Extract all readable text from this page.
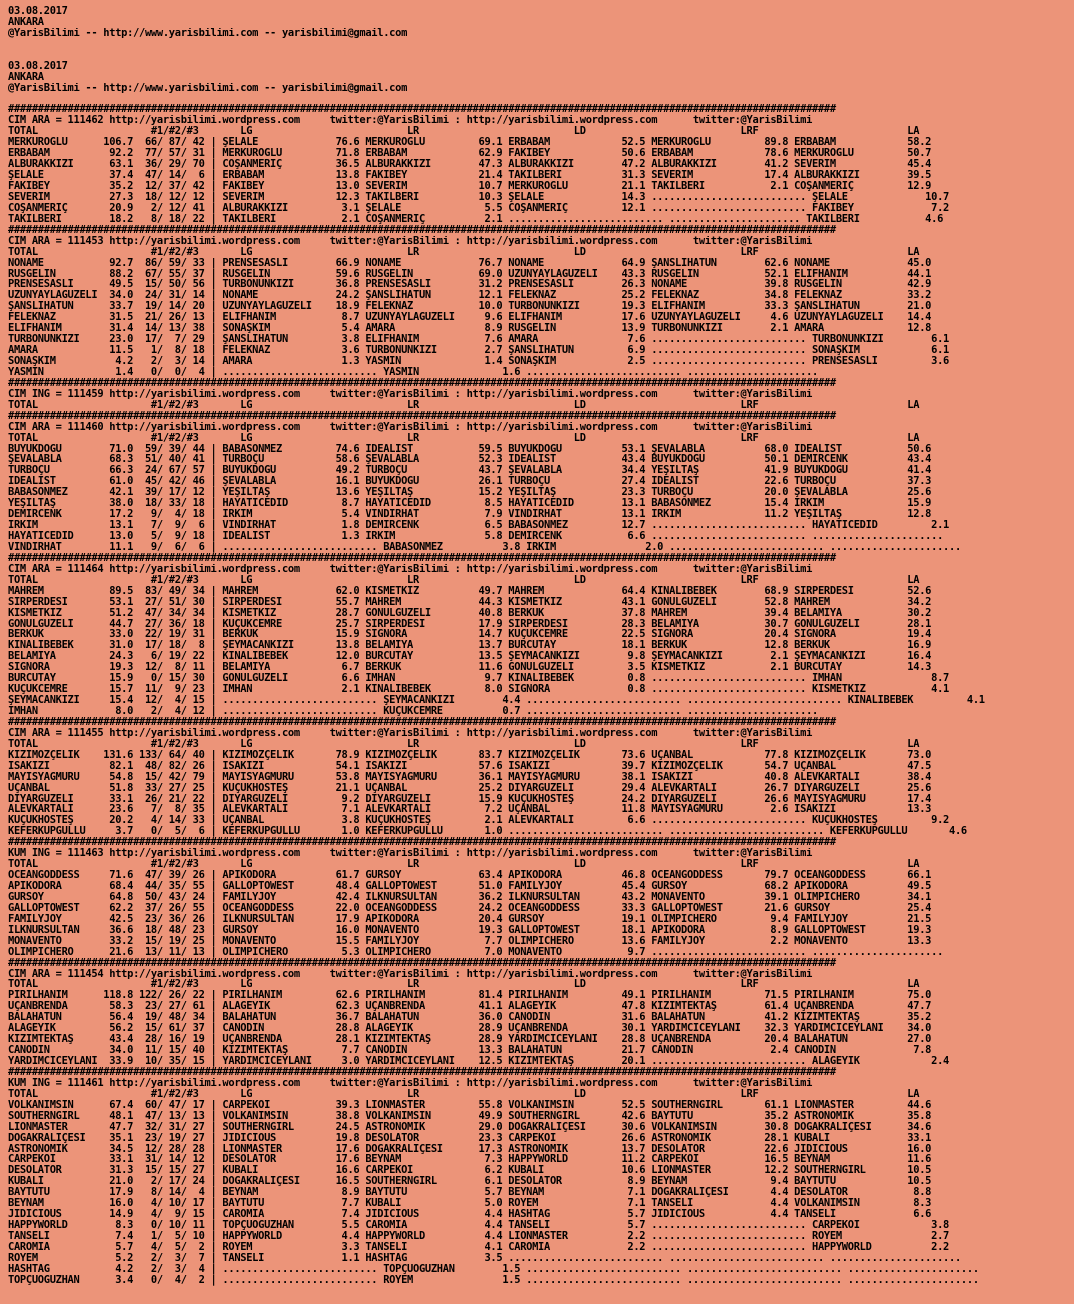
03.08.2017
ANKARA
@YarisBilimi -- http://www.yarisbilimi.com -- yarisbilimi@gmail.com
03.08.2017
ANKARA
@YarisBilimi -- http://www.yarisbilimi.com -- yarisbilimi@gmail.com
###########################################################################################################################################
CIM ARA = 111462 http://yarisbilimi.wordpress.com     twitter:@YarisBilimi : http://yarisbilimi.wordpress.com      twitter:@YarisBilimi
TOTAL                   #1/#2/#3       LG                          LR                          LD                          LRF                         LA
MERKÜROĞLU      106.7  66/ 87/ 42 | ŞELALE             76.6 MERKÜROĞLU         69.1 ERBABAM            52.5 MERKÜROĞLU         89.8 ERBABAM            58.2
ERBABAM          92.2  77/ 57/ 31 | MERKÜROĞLU         71.8 ERBABAM            62.9 FAKIBEY            50.6 ERBABAM            78.6 MERKÜROĞLU         50.7
ALBURAKKIZI      63.1  36/ 29/ 70 | COŞANMERİÇ         36.5 ALBURAKKIZI        47.3 ALBURAKKIZI        47.2 ALBURAKKIZI        41.2 SEVERİM            45.4
ŞELALE           37.4  47/ 14/  6 | ERBABAM            13.8 FAKIBEY            21.4 TAKILBERİ          31.3 SEVERİM            17.4 ALBURAKKIZI        39.5
FAKIBEY          35.2  12/ 37/ 42 | FAKIBEY            13.0 SEVERİM            10.7 MERKÜROĞLU         21.1 TAKILBERİ           2.1 COŞANMERİÇ         12.9
SEVERİM          27.3  18/ 12/ 12 | SEVERİM            12.3 TAKILBERİ          10.3 ŞELALE             14.3 .......................... ŞELALE             10.7
COŞANMERİÇ       20.9   2/ 12/ 41 | ALBURAKKIZI         3.1 ŞELALE              5.5 COŞANMERİÇ         12.1 .......................... FAKIBEY             7.2
TAKILBERİ        18.2   8/ 18/ 22 | TAKILBERİ           2.1 COŞANMERİÇ          2.1 .......................... ...................... TAKILBERİ           4.6
###########################################################################################################################################
CIM ARA = 111453 http://yarisbilimi.wordpress.com     twitter:@YarisBilimi : http://yarisbilimi.wordpress.com      twitter:@YarisBilimi
TOTAL                   #1/#2/#3       LG                          LR                          LD                          LRF                         LA
NONAME           92.7  86/ 59/ 33 | PRENSESASLI        66.9 NONAME             76.7 NONAME             64.9 ŞANSLIHATUN        62.6 NONAME             45.0
RUSGELİN         88.2  67/ 55/ 37 | RUSGELİN           59.6 RUSGELİN           69.0 UZUNYAYLAGÜZELİ    43.3 RUSGELİN           52.1 ELİFHANIM          44.1
PRENSESASLI      49.5  15/ 50/ 56 | TURBONUNKIZI       36.8 PRENSESASLI        31.2 PRENSESASLI        26.3 NONAME             39.8 RUSGELİN           42.9
UZUNYAYLAGÜZELİ  34.0  24/ 31/ 14 | NONAME             24.2 ŞANSLIHATUN        12.1 FELEKNAZ           25.2 FELEKNAZ           34.8 FELEKNAZ           33.2
ŞANSLIHATUN      33.7  19/ 14/ 20 | UZUNYAYLAGÜZELİ    18.9 FELEKNAZ           10.0 TURBONUNKIZI       19.3 ELİFHANIM          33.3 ŞANSLIHATUN        21.0
FELEKNAZ         31.5  21/ 26/ 13 | ELİFHANIM           8.7 UZUNYAYLAGÜZELİ     9.6 ELİFHANIM          17.6 UZUNYAYLAGÜZELİ     4.6 UZUNYAYLAGÜZELİ    14.4
ELİFHANIM        31.4  14/ 13/ 38 | SONAŞKIM            5.4 AMARA               8.9 RUSGELİN           13.9 TURBONUNKIZI        2.1 AMARA              12.8
TURBONUNKIZI     23.0  17/  7/ 29 | ŞANSLIHATUN         3.8 ELİFHANIM           7.6 AMARA               7.6 .......................... TURBONUNKIZI        6.1
AMARA            11.5   1/  8/ 18 | FELEKNAZ            3.6 TURBONUNKIZI        2.7 ŞANSLIHATUN         6.9 .......................... SONAŞKIM            6.1
SONAŞKIM          4.2   2/  3/ 14 | AMARA               1.3 YASMIN              1.4 SONAŞKIM            2.5 .......................... PRENSESASLI         3.6
YASMIN            1.4   0/  0/  4 | .......................... YASMIN              1.6 .......................... ......................
###########################################################################################################################################
CIM ING = 111459 http://yarisbilimi.wordpress.com     twitter:@YarisBilimi : http://yarisbilimi.wordpress.com      twitter:@YarisBilimi
TOTAL                   #1/#2/#3       LG                          LR                          LD                          LRF                         LA
###########################################################################################################################################
CIM ARA = 111460 http://yarisbilimi.wordpress.com     twitter:@YarisBilimi : http://yarisbilimi.wordpress.com      twitter:@YarisBilimi
TOTAL                   #1/#2/#3       LG                          LR                          LD                          LRF                         LA
BUYUKDOĞU        71.0  59/ 39/ 44 | BABASÖNMEZ         74.6 İDEALİST           59.5 BUYUKDOĞU          53.1 ŞEVALABLA          68.0 İDEALİST           50.6
ŞEVALABLA        68.3  51/ 40/ 41 | TURBOÇU            58.6 ŞEVALABLA          52.3 İDEALİST           43.4 BUYUKDOĞU          50.1 DEMİRCENK          43.4
TURBOÇU          66.3  24/ 67/ 57 | BUYUKDOĞU          49.2 TURBOÇU            43.7 ŞEVALABLA          34.4 YEŞİLTAŞ           41.9 BUYUKDOĞU          41.4
İDEALİST         61.0  45/ 42/ 46 | ŞEVALABLA          16.1 BUYUKDOĞU          26.1 TURBOÇU            27.4 İDEALİST           22.6 TURBOÇU            37.3
BABASÖNMEZ       42.1  39/ 17/ 12 | YEŞİLTAŞ           13.6 YEŞİLTAŞ           15.2 YEŞİLTAŞ           23.3 TURBOÇU            20.0 ŞEVALABLA          25.6
YEŞİLTAŞ         38.0  18/ 33/ 18 | HAYATICEDİD         8.7 HAYATICEDİD         8.5 HAYATICEDİD        13.1 BABASÖNMEZ         15.4 İRKIM              15.9
DEMİRCENK        17.2   9/  4/ 18 | IRKIM               5.4 VİNDİRHAT           7.9 VİNDİRHAT          13.1 IRKIM              11.2 YEŞİLTAŞ           12.8
IRKIM            13.1   7/  9/  6 | VİNDİRHAT           1.8 DEMİRCENK           6.5 BABASÖNMEZ         12.7 .......................... HAYATICEDİD         2.1
HAYATICEDİD      13.0   5/  9/ 18 | İDEALİST            1.3 IRKIM               5.8 DEMİRCENK           6.6 .......................... ......................
VİNDİRHAT        11.1   9/  6/  6 | .......................... BABASÖNMEZ          3.8 IRKIM               2.0 .......................... ......................
###########################################################################################################################################
CIM ARA = 111464 http://yarisbilimi.wordpress.com     twitter:@YarisBilimi : http://yarisbilimi.wordpress.com      twitter:@YarisBilimi
TOTAL                   #1/#2/#3       LG                          LR                          LD                          LRF                         LA
MAHREM           89.5  83/ 49/ 34 | MAHREM             62.0 KISMETKIZ          49.7 MAHREM             64.4 KINALIBEBEK        68.9 SIRPERDESİ         52.6
SIRPERDESİ       53.1  27/ 51/ 30 | SIRPERDESİ         55.7 MAHREM             44.3 KISMETKIZ          43.1 GÖNÜLGÜZELİ        52.8 MAHREM             34.2
KISMETKIZ        51.2  47/ 34/ 34 | KISMETKIZ          28.7 GÖNÜLGÜZELİ        40.8 BERKUK             37.8 MAHREM             39.4 BELAMIYA           30.2
GÖNÜLGÜZELİ      44.7  27/ 36/ 18 | KÜÇÜKCEMRE         25.7 SIRPERDESİ         17.9 SIRPERDESİ         28.3 BELAMIYA           30.7 GÖNÜLGÜZELİ        28.1
BERKUK           33.0  22/ 19/ 31 | BERKUK             15.9 SİGNORA            14.7 KÜÇÜKCEMRE         22.5 SİGNORA            20.4 SİGNORA            19.4
KINALIBEBEK      31.0  17/ 18/  8 | ŞEYMACANKIZI       13.8 BELAMIYA           13.7 BURCUTAY           18.1 BERKUK             12.8 BERKUK             16.9
BELAMIYA         24.3   6/ 19/ 22 | KINALIBEBEK        12.0 BURCUTAY           13.5 ŞEYMACANKIZI        9.8 ŞEYMACANKIZI        2.1 ŞEYMACANKIZI       16.4
SİGNORA          19.3  12/  8/ 11 | BELAMIYA            6.7 BERKUK             11.6 GÖNÜLGÜZELİ         3.5 KISMETKIZ           2.1 BURCUTAY           14.3
BURCUTAY         15.9   0/ 15/ 30 | GÖNÜLGÜZELİ         6.6 İMHAN               9.7 KINALIBEBEK         0.8 .......................... İMHAN               8.7
KÜÇÜKCEMRE       15.7  11/  9/ 23 | İMHAN               2.1 KINALIBEBEK         8.0 SİGNORA             0.8 .......................... KISMETKIZ           4.1
ŞEYMACANKIZI     15.4  12/  4/ 15 | .......................... ŞEYMACANKIZI        4.4 .......................... .......................... KINALIBEBEK         4.1
İMHAN             8.0   2/  4/ 12 | .......................... KÜÇÜKCEMRE          0.7 .......................... ......................
###########################################################################################################################################
CIM ARA = 111455 http://yarisbilimi.wordpress.com     twitter:@YarisBilimi : http://yarisbilimi.wordpress.com      twitter:@YarisBilimi
TOTAL                   #1/#2/#3       LG                          LR                          LD                          LRF                         LA
KIZIMÖZÇELİK    131.6 133/ 64/ 40 | KIZIMÖZÇELİK       78.9 KIZIMÖZÇELİK       83.7 KIZIMÖZÇELİK       73.6 UÇANBAL            77.8 KIZIMÖZÇELİK       73.0
İSAKIZI          82.1  48/ 82/ 26 | İSAKIZI            54.1 İSAKIZI            57.6 İSAKIZI            39.7 KIZIMÖZÇELİK       54.7 UÇANBAL            47.5
MAYISYAĞMURU     54.8  15/ 42/ 79 | MAYISYAĞMURU       53.8 MAYISYAĞMURU       36.1 MAYISYAĞMURU       38.1 İSAKIZI            40.8 ALEVKARTALI        38.4
UÇANBAL          51.8  33/ 27/ 25 | KÜÇÜKHOSTEŞ        21.1 UÇANBAL            25.2 DİYARGÜZELİ        29.4 ALEVKARTALI        26.7 DİYARGÜZELİ        25.6
DİYARGÜZELİ      33.1  26/ 21/ 22 | DİYARGÜZELİ         9.2 DİYARGÜZELİ        15.9 KÜÇÜKHOSTEŞ        24.2 DİYARGÜZELİ        26.6 MAYISYAĞMURU       17.4
ALEVKARTALI      23.6   7/  8/ 35 | ALEVKARTALI         7.1 ALEVKARTALI         7.2 UÇANBAL            11.8 MAYISYAĞMURU        2.6 İSAKIZI            13.3
KÜÇÜKHOSTEŞ      20.2   4/ 14/ 33 | UÇANBAL             3.8 KÜÇÜKHOSTEŞ         2.1 ALEVKARTALI         6.6 .......................... KÜÇÜKHOSTEŞ         9.2
KEFERKUPGÜLLÜ     3.7   0/  5/  6 | KEFERKUPGÜLLÜ       1.0 KEFERKUPGÜLLÜ       1.0 .......................... .......................... KEFERKUPGÜLLÜ       4.6
###########################################################################################################################################
KUM ING = 111463 http://yarisbilimi.wordpress.com     twitter:@YarisBilimi : http://yarisbilimi.wordpress.com      twitter:@YarisBilimi
TOTAL                   #1/#2/#3       LG                          LR                          LD                          LRF                         LA
OCEANGODDESS     71.6  47/ 39/ 26 | APIKODORA          61.7 GURSOY             63.4 APIKODORA          46.8 OCEANGODDESS       79.7 OCEANGODDESS       66.1
APIKODORA        68.4  44/ 35/ 55 | GALLOPTOWEST       48.4 GALLOPTOWEST       51.0 FAMILYJOY          45.4 GURSOY             68.2 APIKODORA          49.5
GURSOY           64.8  50/ 43/ 24 | FAMILYJOY          42.4 İLKNURSULTAN       36.2 İLKNURSULTAN       43.2 MONAVENTO          39.1 OLIMPICHERO        34.1
GALLOPTOWEST     62.2  37/ 26/ 55 | OCEANGODDESS       22.0 OCEANGODDESS       24.2 OCEANGODDESS       33.3 GALLOPTOWEST       21.6 GURSOY             25.4
FAMILYJOY        42.5  23/ 36/ 26 | İLKNURSULTAN       17.9 APIKODORA          20.4 GURSOY             19.1 OLIMPICHERO         9.4 FAMILYJOY          21.5
İLKNURSULTAN     36.6  18/ 48/ 23 | GURSOY             16.0 MONAVENTO          19.3 GALLOPTOWEST       18.1 APIKODORA           8.9 GALLOPTOWEST       19.3
MONAVENTO        33.2  15/ 19/ 25 | MONAVENTO          15.5 FAMILYJOY           7.7 OLIMPICHERO        13.6 FAMILYJOY           2.2 MONAVENTO          13.3
OLIMPICHERO      21.6  13/ 11/ 13 | OLIMPICHERO         5.3 OLIMPICHERO         7.0 MONAVENTO           9.7 .......................... ......................
###########################################################################################################################################
CIM ARA = 111454 http://yarisbilimi.wordpress.com     twitter:@YarisBilimi : http://yarisbilimi.wordpress.com      twitter:@YarisBilimi
TOTAL                   #1/#2/#3       LG                          LR                          LD                          LRF                         LA
PIRILHANIM      118.8 122/ 26/ 22 | PIRILHANIM         62.6 PIRILHANIM         81.4 PIRILHANIM         49.1 PIRILHANIM         71.5 PIRILHANIM         75.0
UÇANBRENDA       58.3  23/ 27/ 61 | ALAGEYİK           62.3 UÇANBRENDA         41.1 ALAGEYİK           47.8 KIZIMTEKTAŞ        61.4 UÇANBRENDA         47.7
BALAHATUN        56.4  19/ 48/ 34 | BALAHATUN          36.7 BALAHATUN          36.0 CANODİN            31.6 BALAHATUN          41.2 KIZIMTEKTAŞ        35.2
ALAGEYİK         56.2  15/ 61/ 37 | CANODİN            28.8 ALAGEYİK           28.9 UÇANBRENDA         30.1 YARDIMCICEYLANI    32.3 YARDIMCICEYLANI    34.0
KIZIMTEKTAŞ      43.4  28/ 16/ 19 | UÇANBRENDA         28.1 KIZIMTEKTAŞ        28.9 YARDIMCICEYLANI    28.8 UÇANBRENDA         20.4 BALAHATUN          27.0
CANODİN          34.0  11/ 15/ 40 | KIZIMTEKTAŞ         7.7 CANODİN            13.3 BALAHATUN          21.7 CANODİN             2.4 CANODİN             7.8
YARDIMCICEYLANI  33.9  10/ 35/ 15 | YARDIMCICEYLANI     3.0 YARDIMCICEYLANI    12.5 KIZIMTEKTAŞ        20.1 .......................... ALAGEYİK            2.4
###########################################################################################################################################
KUM ING = 111461 http://yarisbilimi.wordpress.com     twitter:@YarisBilimi : http://yarisbilimi.wordpress.com      twitter:@YarisBilimi
TOTAL                   #1/#2/#3       LG                          LR                          LD                          LRF                         LA
VOLKANIMSIN      67.4  60/ 47/ 17 | CARPEKOI           39.3 LIONMASTER         55.8 VOLKANIMSIN        52.5 SOUTHERNGIRL       61.1 LIONMASTER         44.6
SOUTHERNGIRL     48.1  47/ 13/ 13 | VOLKANIMSIN        38.8 VOLKANIMSIN        49.9 SOUTHERNGIRL       42.6 BAYTUTU            35.2 ASTRONOMİK         35.8
LIONMASTER       47.7  32/ 31/ 27 | SOUTHERNGIRL       24.5 ASTRONOMİK         29.0 DOĞAKRALİÇESİ      30.6 VOLKANIMSIN        30.8 DOĞAKRALİÇESİ      34.6
DOĞAKRALİÇESİ    35.1  23/ 19/ 27 | JIDICIOUS          19.8 DESOLATOR          23.3 CARPEKOI           26.6 ASTRONOMİK         28.1 KUBALI             33.1
ASTRONOMİK       34.5  12/ 28/ 28 | LIONMASTER         17.6 DOĞAKRALİÇESİ      17.3 ASTRONOMİK         13.7 DESOLATOR          22.6 JIDICIOUS          16.0
CARPEKOI         33.1  31/ 14/ 12 | DESOLATOR          17.6 BEYNAM              7.3 HAPPYWORLD         11.2 CARPEKOI           16.5 BEYNAM             11.6
DESOLATOR        31.3  15/ 15/ 27 | KUBALI             16.6 CARPEKOI            6.2 KUBALI             10.6 LIONMASTER         12.2 SOUTHERNGIRL       10.5
KUBALI           21.0   2/ 17/ 24 | DOĞAKRALİÇESİ      16.5 SOUTHERNGIRL        6.1 DESOLATOR           8.9 BEYNAM              9.4 BAYTUTU            10.5
BAYTUTU          17.9   8/ 14/  4 | BEYNAM              8.9 BAYTUTU             5.7 BEYNAM              7.1 DOĞAKRALİÇESİ       4.4 DESOLATOR           8.8
BEYNAM           16.0   4/ 10/ 17 | BAYTUTU             7.7 KUBALI              5.0 ROYEM               7.1 TANSELİ             4.4 VOLKANIMSIN         8.3
JIDICIOUS        14.9   4/  9/ 15 | CAROMIA             7.4 JIDICIOUS           4.4 HASHTAĞ             5.7 JIDICIOUS           4.4 TANSELİ             6.6
HAPPYWORLD        8.3   0/ 10/ 11 | TOPÇUOĞUZHAN        5.5 CAROMIA             4.4 TANSELİ             5.7 .......................... CARPEKOI            3.8
TANSELİ           7.4   1/  5/ 10 | HAPPYWORLD          4.4 HAPPYWORLD          4.4 LIONMASTER          2.2 .......................... ROYEM               2.7
CAROMIA           5.7   4/  5/  2 | ROYEM               3.3 TANSELİ             4.1 CAROMIA             2.2 .......................... HAPPYWORLD          2.2
ROYEM             5.2   2/  3/  7 | TANSELİ             1.1 HASHTAĞ             3.5 .......................... .......................... ......................
HASHTAĞ           4.2   2/  3/  4 | .......................... TOPÇUOĞUZHAN        1.5 .......................... .......................... ......................
TOPÇUOĞUZHAN      3.4   0/  4/  2 | .......................... ROYEM               1.5 .......................... .......................... ......................
